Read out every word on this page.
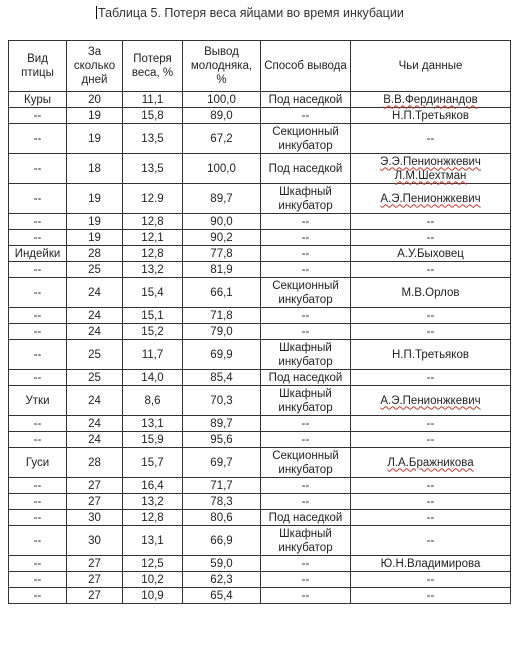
Таблица 5. Потеря веса яйцами во время инкубации
Вид птицы	За сколько дней	Потеря веса, %	Вывод молодняка, %	Способ вывода	Чьи данные
Куры	20	11,1	100,0	Под наседкой	В.В.Фердинандов
--	19	15,8	89,0	--	Н.П.Третьяков
--	19	13,5	67,2	Секционный инкубатор	--
--	18	13,5	100,0	Под наседкой	Э.Э.Пенионжкевич Л.М.Шехтман
--	19	12.9	89,7	Шкафный инкубатор	А.Э.Пенионжкевич
--	19	12,8	90,0	--	--
--	19	12,1	90,2	--	--
Индейки	28	12,8	77,8	--	А.У.Быховец
--	25	13,2	81,9	--	--
--	24	15,4	66,1	Секционный инкубатор	М.В.Орлов
--	24	15,1	71,8	--	--
--	24	15,2	79,0	--	--
--	25	11,7	69,9	Шкафный инкубатор	Н.П.Третьяков
--	25	14,0	85,4	Под наседкой	--
Утки	24	8,6	70,3	Шкафный инкубатор	А.Э.Пенионжкевич
--	24	13,1	89,7	--	--
--	24	15,9	95,6	--	--
Гуси	28	15,7	69,7	Секционный инкубатор	Л.А.Бражникова
--	27	16,4	71,7	--	--
--	27	13,2	78,3	--	--
--	30	12,8	80,6	Под наседкой	--
--	30	13,1	66,9	Шкафный инкубатор	--
--	27	12,5	59,0	--	Ю.Н.Владимирова
--	27	10,2	62,3	--	--
--	27	10,9	65,4	--	--
